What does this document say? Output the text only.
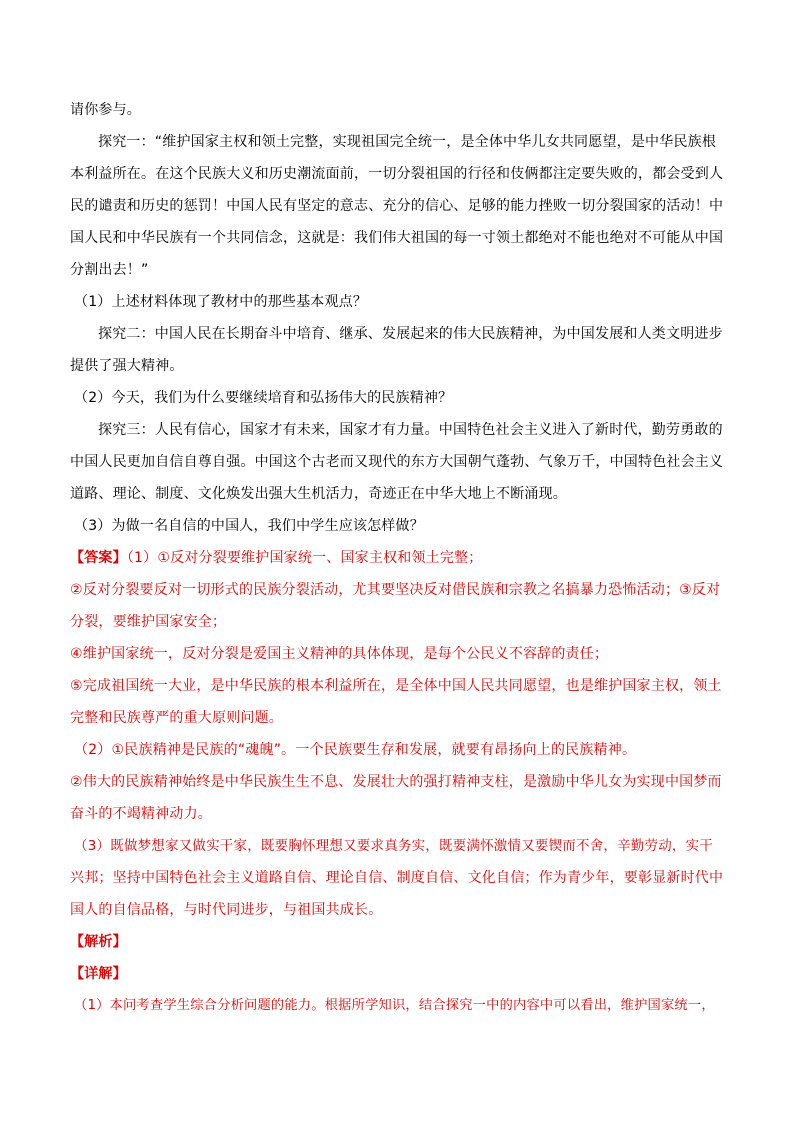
请你参与。
探究一：“维护国家主权和领土完整，实现祖国完全统一，是全体中华儿女共同愿望，是中华民族根
本利益所在。在这个民族大义和历史潮流面前，一切分裂祖国的行径和伎俩都注定要失败的，都会受到人
民的谴责和历史的惩罚！中国人民有坚定的意志、充分的信心、足够的能力挫败一切分裂国家的活动！中
国人民和中华民族有一个共同信念，这就是：我们伟大祖国的每一寸领土都绝对不能也绝对不可能从中国
分割出去！”
（1）上述材料体现了教材中的那些基本观点？
探究二：中国人民在长期奋斗中培育、继承、发展起来的伟大民族精神，为中国发展和人类文明进步
提供了强大精神。
（2）今天，我们为什么要继续培育和弘扬伟大的民族精神？
探究三：人民有信心，国家才有未来，国家才有力量。中国特色社会主义进入了新时代，勤劳勇敢的
中国人民更加自信自尊自强。中国这个古老而又现代的东方大国朝气蓬勃、气象万千，中国特色社会主义
道路、理论、制度、文化焕发出强大生机活力，奇迹正在中华大地上不断涌现。
（3）为做一名自信的中国人，我们中学生应该怎样做？
【答案】（1）①反对分裂要维护国家统一、国家主权和领土完整；
②反对分裂要反对一切形式的民族分裂活动，尤其要坚决反对借民族和宗教之名搞暴力恐怖活动；③反对
分裂，要维护国家安全；
④维护国家统一，反对分裂是爱国主义精神的具体体现，是每个公民义不容辞的责任；
⑤完成祖国统一大业，是中华民族的根本利益所在，是全体中国人民共同愿望，也是维护国家主权，领土
完整和民族尊严的重大原则问题。
（2）①民族精神是民族的“魂魄”。一个民族要生存和发展，就要有昂扬向上的民族精神。
②伟大的民族精神始终是中华民族生生不息、发展壮大的强打精神支柱，是激励中华儿女为实现中国梦而
奋斗的不竭精神动力。
（3）既做梦想家又做实干家，既要胸怀理想又要求真务实，既要满怀激情又要锲而不舍，辛勤劳动，实干
兴邦；坚持中国特色社会主义道路自信、理论自信、制度自信、文化自信；作为青少年，要彰显新时代中
国人的自信品格，与时代同进步，与祖国共成长。
【解析】
【详解】
（1）本问考查学生综合分析问题的能力。根据所学知识，结合探究一中的内容中可以看出，维护国家统一，
